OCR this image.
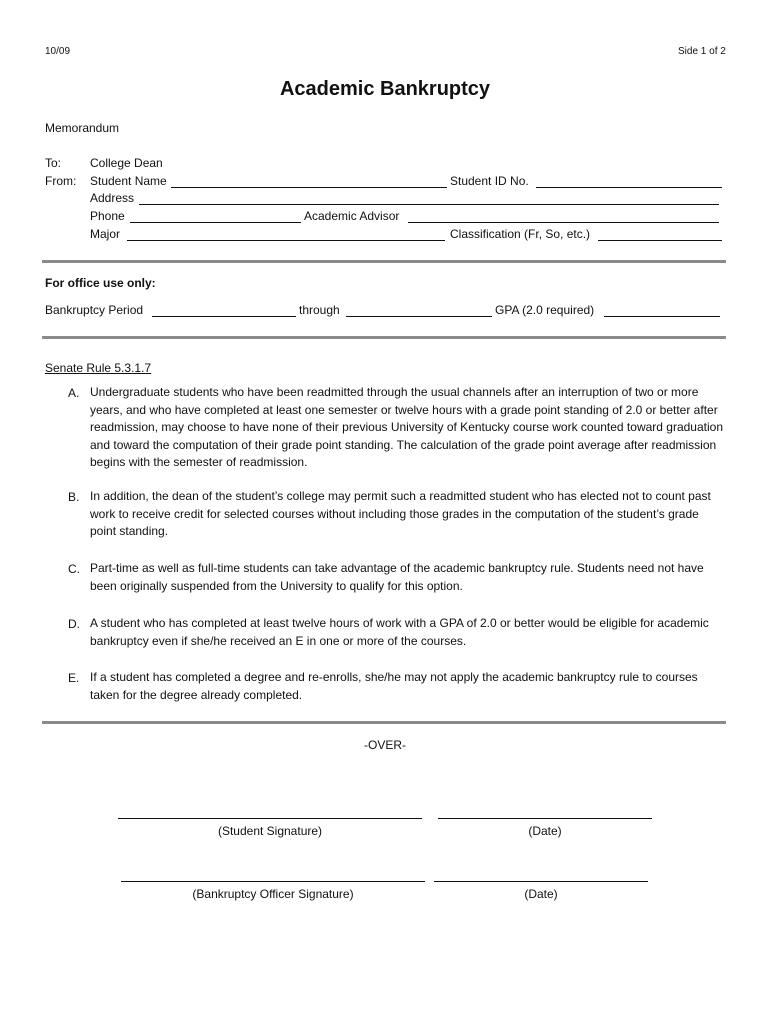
10/09	Side 1 of 2
Academic Bankruptcy
Memorandum
To: College Dean
From: Student Name	Student ID No.
Address
Phone	Academic Advisor
Major	Classification (Fr, So, etc.)
For office use only:
Bankruptcy Period	through	GPA (2.0 required)
Senate Rule 5.3.1.7
A. Undergraduate students who have been readmitted through the usual channels after an interruption of two or more years, and who have completed at least one semester or twelve hours with a grade point standing of 2.0 or better after readmission, may choose to have none of their previous University of Kentucky course work counted toward graduation and toward the computation of their grade point standing. The calculation of the grade point average after readmission begins with the semester of readmission.
B. In addition, the dean of the student’s college may permit such a readmitted student who has elected not to count past work to receive credit for selected courses without including those grades in the computation of the student’s grade point standing.
C. Part-time as well as full-time students can take advantage of the academic bankruptcy rule. Students need not have been originally suspended from the University to qualify for this option.
D. A student who has completed at least twelve hours of work with a GPA of 2.0 or better would be eligible for academic bankruptcy even if she/he received an E in one or more of the courses.
E. If a student has completed a degree and re-enrolls, she/he may not apply the academic bankruptcy rule to courses taken for the degree already completed.
-OVER-
(Student Signature)	(Date)
(Bankruptcy Officer Signature)	(Date)
